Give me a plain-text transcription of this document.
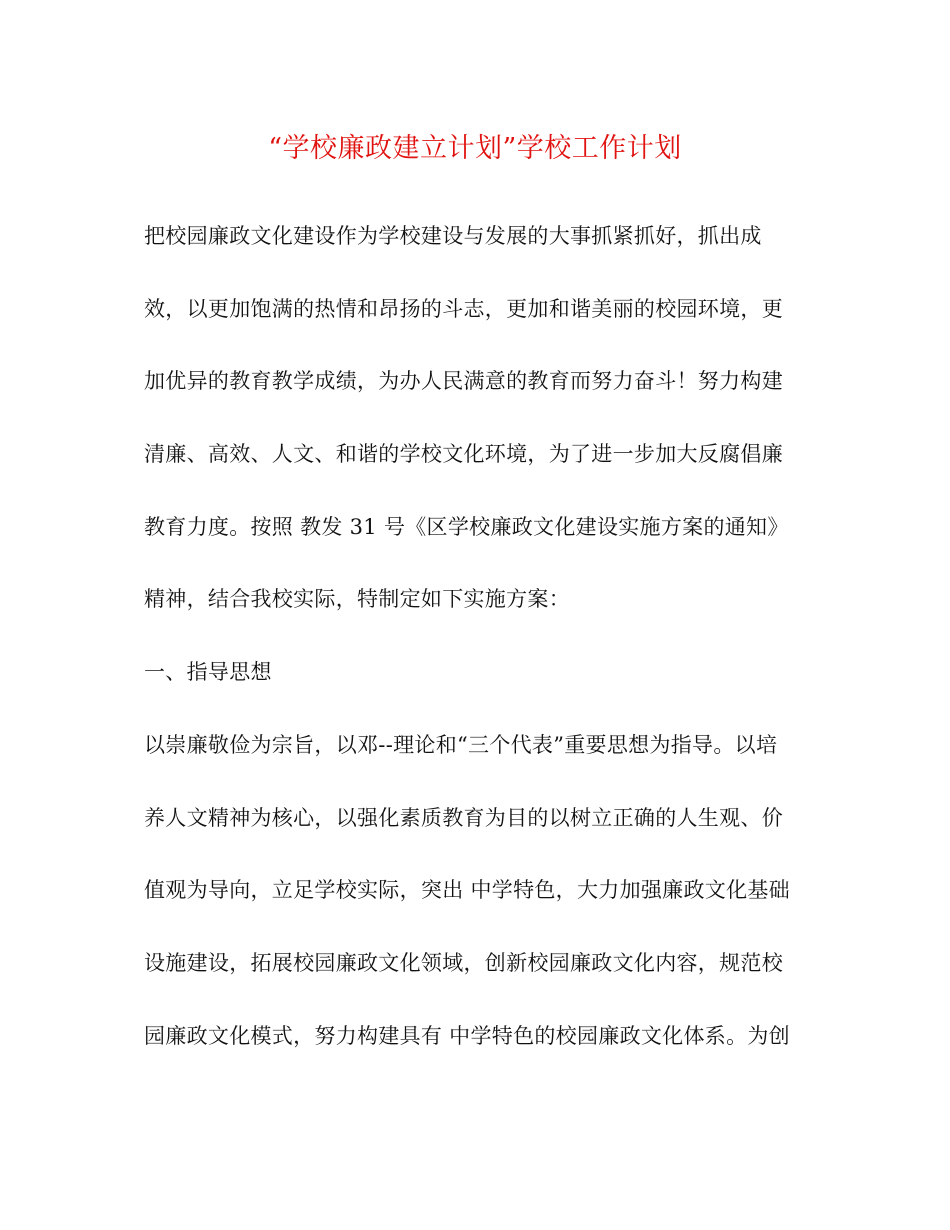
“学校廉政建立计划”学校工作计划
把校园廉政文化建设作为学校建设与发展的大事抓紧抓好，抓出成
效，以更加饱满的热情和昂扬的斗志，更加和谐美丽的校园环境，更
加优异的教育教学成绩，为办人民满意的教育而努力奋斗！努力构建
清廉、高效、人文、和谐的学校文化环境，为了进一步加大反腐倡廉
教育力度。按照 教发 31 号《区学校廉政文化建设实施方案的通知》
精神，结合我校实际，特制定如下实施方案：
一、指导思想
以崇廉敬俭为宗旨，以邓--理论和“三个代表”重要思想为指导。以培
养人文精神为核心，以强化素质教育为目的以树立正确的人生观、价
值观为导向，立足学校实际，突出 中学特色，大力加强廉政文化基础
设施建设，拓展校园廉政文化领域，创新校园廉政文化内容，规范校
园廉政文化模式，努力构建具有 中学特色的校园廉政文化体系。为创
